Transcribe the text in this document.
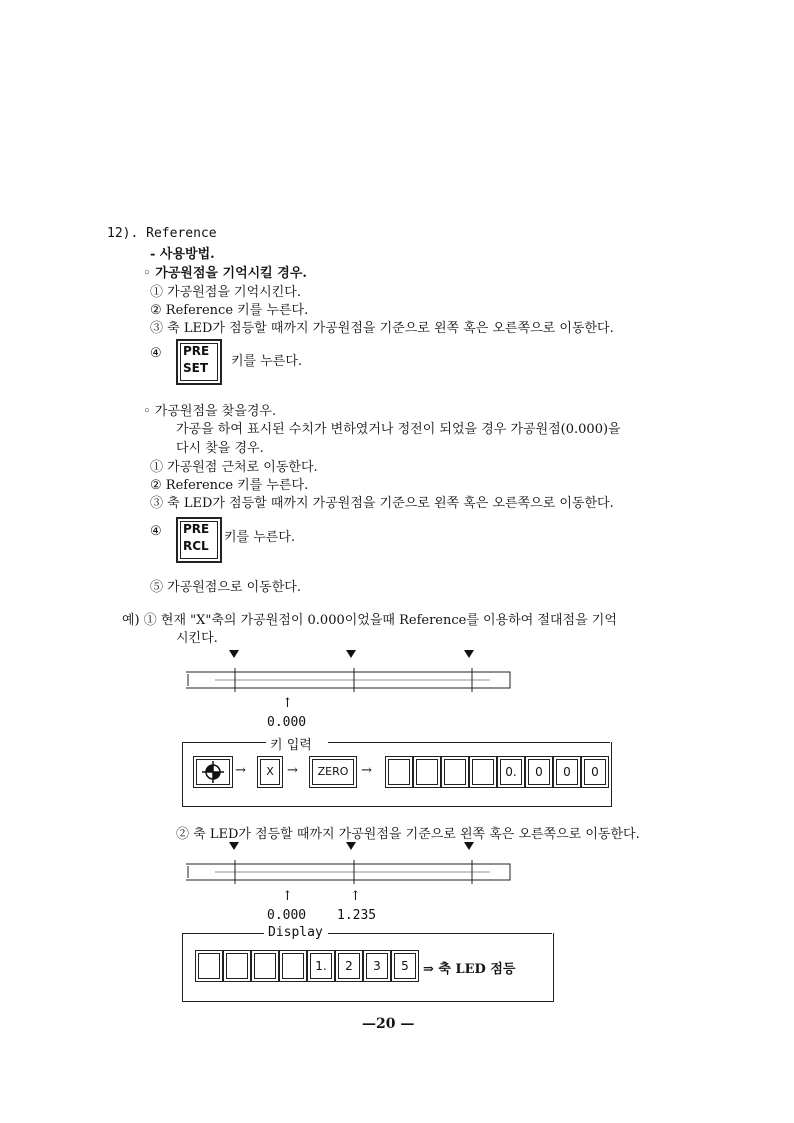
12). Reference
- 사용방법.
◦ 가공원점을 기억시킬 경우.
① 가공원점을 기억시킨다.
② Reference 키를 누른다.
③ 축 LED가 점등할 때까지 가공원점을 기준으로 왼쪽 혹은 오른쪽으로 이동한다.
④ PRE
SET	키를 누른다.
◦ 가공원점을 찾을경우.
가공을 하여 표시된 수치가 변하였거나 정전이 되었을 경우 가공원점(0.000)을
다시 찾을 경우.
① 가공원점 근처로 이동한다.
② Reference 키를 누른다.
③ 축 LED가 점등할 때까지 가공원점을 기준으로 왼쪽 혹은 오른쪽으로 이동한다.
④ PRE
RCL
키를 누른다.
⑤ 가공원점으로 이동한다.
예) ① 현재 "X"축의 가공원점이 0.000이었을때 Reference를 이용하여 절대점을 기억
시킨다.
↑
0.000
키 입력
→	X	→	ZERO →	0.	0	0	0
② 축 LED가 점등할 때까지 가공원점을 기준으로 왼쪽 혹은 오른쪽으로 이동한다.
↑	↑
0.000 1.235
Display
1.	2	3	5	⇒ 축 LED 점등
—20 —
